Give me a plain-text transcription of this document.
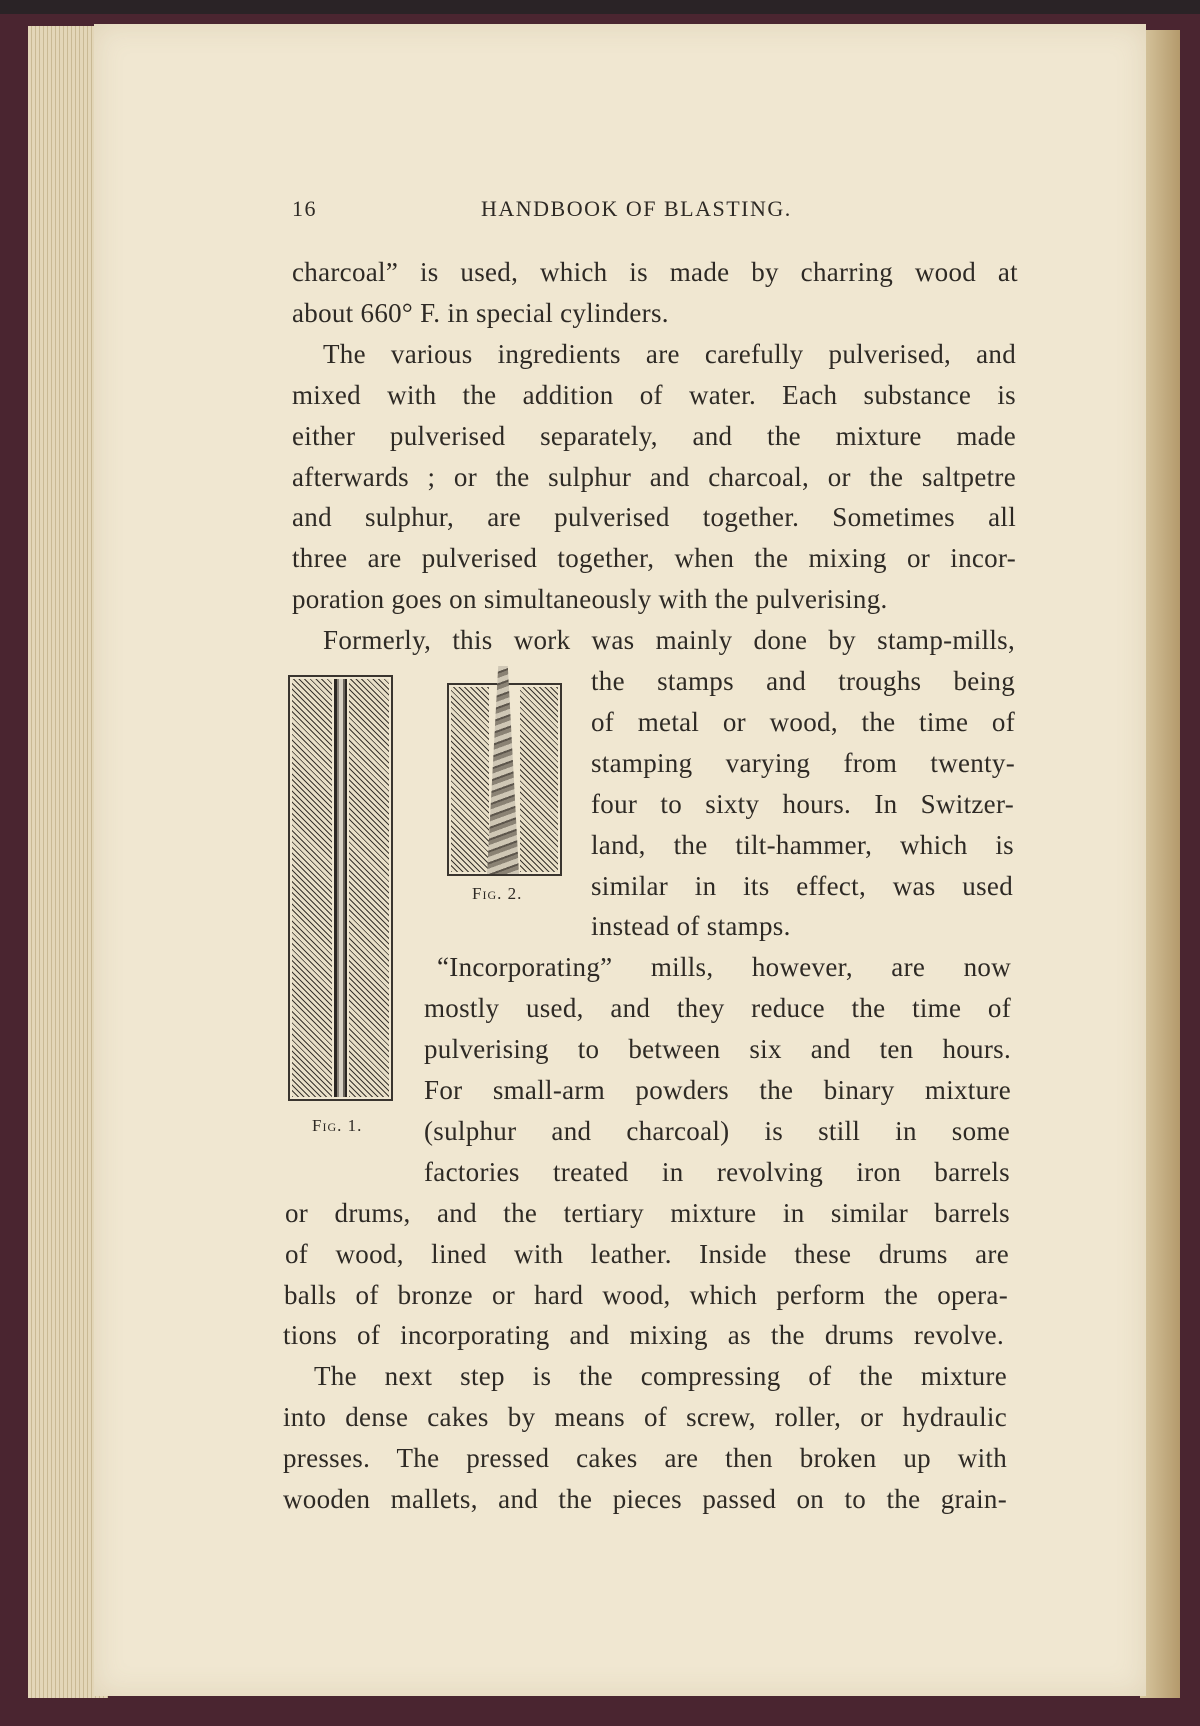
16	HANDBOOK OF BLASTING.
Fig. 1.
Fig. 2.
charcoal” is used, which is made by charring wood at
about 660° F. in special cylinders.
The various ingredients are carefully pulverised, and
mixed with the addition of water. Each substance is
either pulverised separately, and the mixture made
afterwards ; or the sulphur and charcoal, or the saltpetre
and sulphur, are pulverised together. Sometimes all
three are pulverised together, when the mixing or incor-
poration goes on simultaneously with the pulverising.
Formerly, this work was mainly done by stamp-mills,
the stamps and troughs being
of metal or wood, the time of
stamping varying from twenty-
four to sixty hours. In Switzer-
land, the tilt-hammer, which is
similar in its effect, was used
instead of stamps.
“Incorporating” mills, however, are now
mostly used, and they reduce the time of
pulverising to between six and ten hours.
For small-arm powders the binary mixture
(sulphur and charcoal) is still in some
factories treated in revolving iron barrels
or drums, and the tertiary mixture in similar barrels
of wood, lined with leather. Inside these drums are
balls of bronze or hard wood, which perform the opera-
tions of incorporating and mixing as the drums revolve.
The next step is the compressing of the mixture
into dense cakes by means of screw, roller, or hydraulic
presses. The pressed cakes are then broken up with
wooden mallets, and the pieces passed on to the grain-
